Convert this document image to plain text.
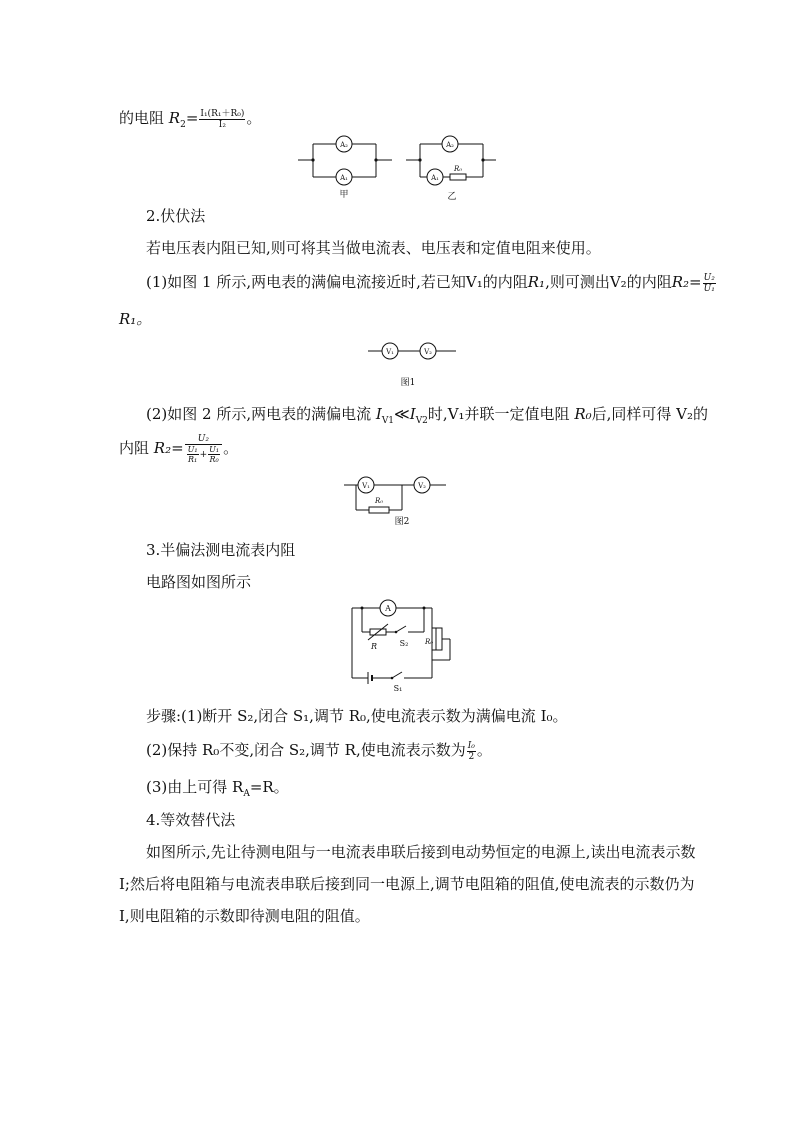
的电阻 $R_2= \frac{\text{I₁(R₁＋R₀)}}{\text{I₂}}$ 。
A₂
A₁
A₂
A₁
R₀
甲	乙
2.伏伏法
若电压表内阻已知,则可将其当做电流表、电压表和定值电阻来使用。
(1)如图 1 所示,两电表的满偏电流接近时,若已知V₁的内阻R₁,则可测出V₂的内阻$R_2= \frac{\text{U₂}}{\text{U₁}}$
R₁。
V₁	V₂
图1
(2)如图 2 所示,两电表的满偏电流 $I_{V1}≪I_{V2}$时,V₁并联一定值电阻 R₀后,同样可得 V₂的
内阻 $R_2= \frac{\text{U₂}}{\frac{\text{U₁}}{\text{R₁}} + \frac{\text{U₁}}{\text{R₀}}}$ 。
V₁	V₂
R₀
图2
3.半偏法测电流表内阻
电路图如图所示
A
R	S₂ R₀
S₁
步骤:(1)断开 S₂,闭合 S₁,调节 R₀,使电流表示数为满偏电流 I₀。
(2)保持 R₀不变,闭合 S₂,调节 R,使电流表示数为 $\frac{\text{I₀}}{2}$ 。
(3)由上可得 $R_A=R$。
4.等效替代法
如图所示,先让待测电阻与一电流表串联后接到电动势恒定的电源上,读出电流表示数
I;然后将电阻箱与电流表串联后接到同一电源上,调节电阻箱的阻值,使电流表的示数仍为
I,则电阻箱的示数即待测电阻的阻值。
